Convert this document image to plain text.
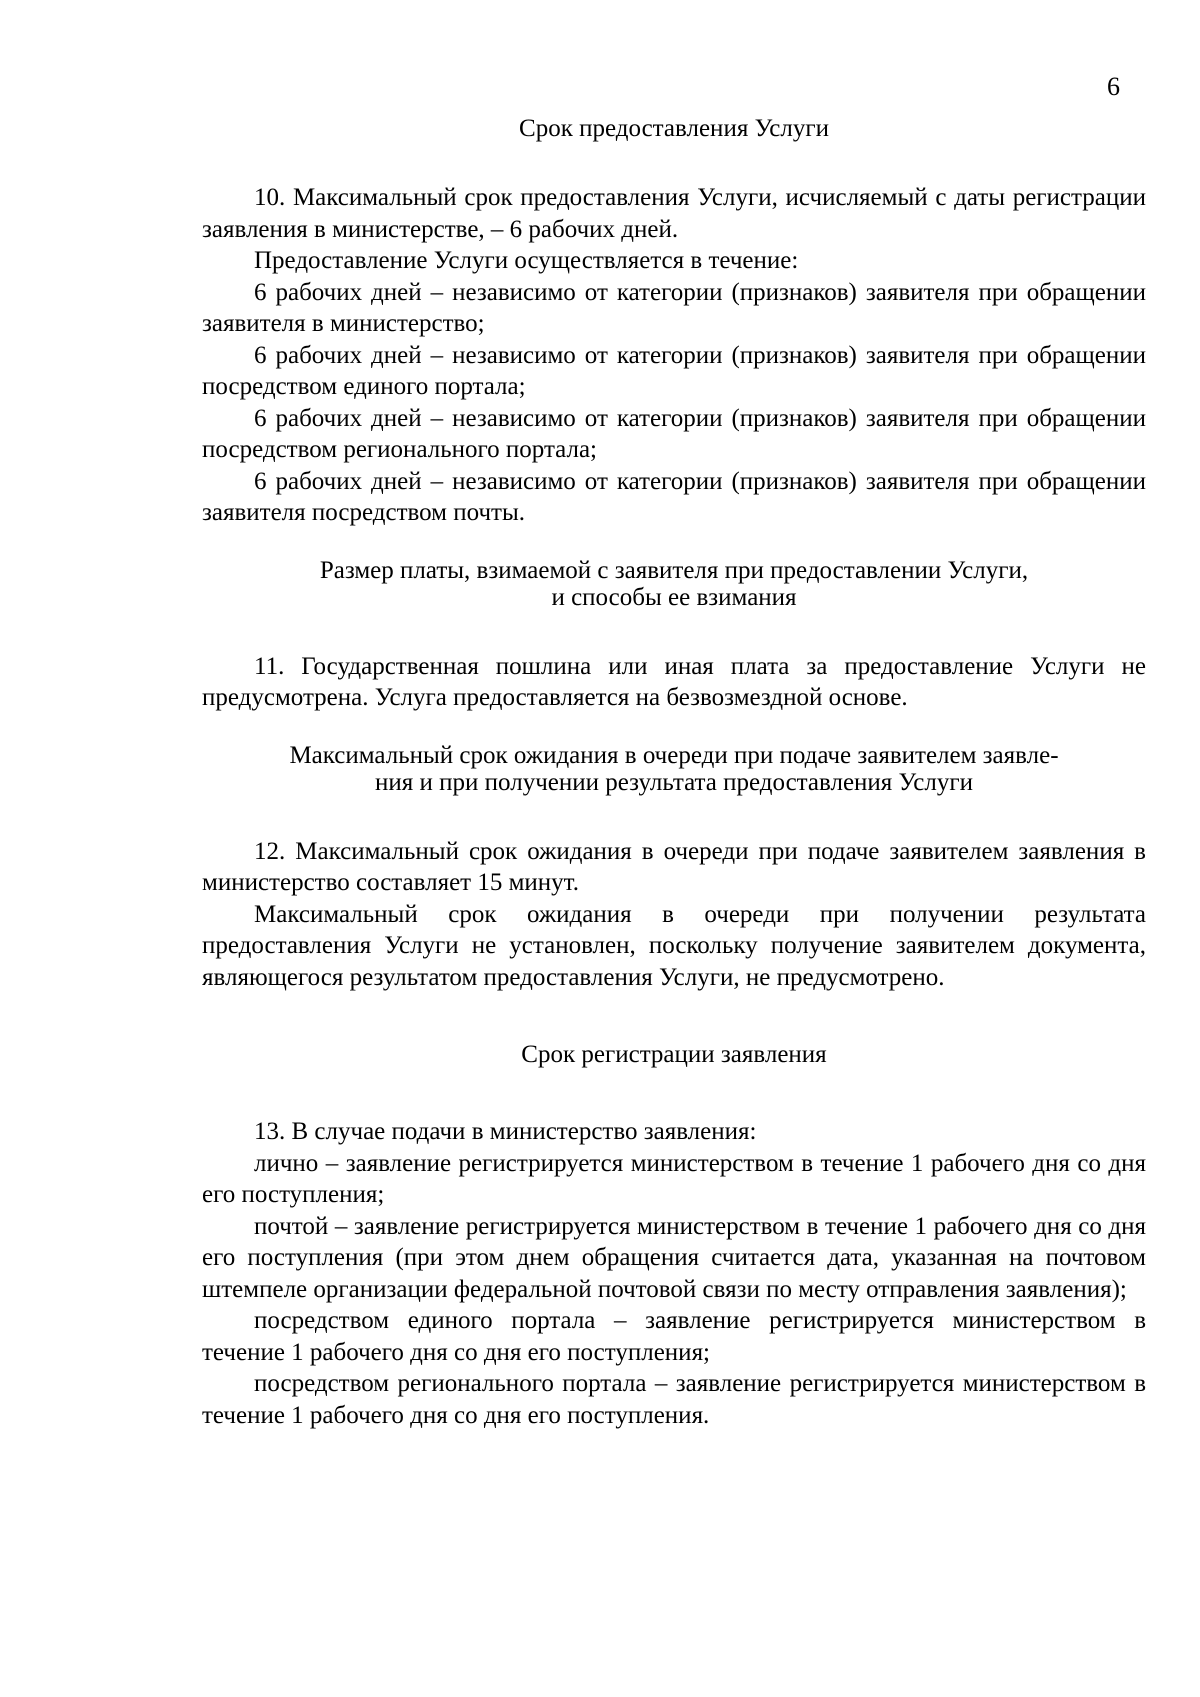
6
Срок предоставления Услуги

10. Максимальный срок предоставления Услуги, исчисляемый с даты регистрации заявления в министерстве, – 6 рабочих дней.

Предоставление Услуги осуществляется в течение:

6 рабочих дней – независимо от категории (признаков) заявителя при обращении заявителя в министерство;

6 рабочих дней – независимо от категории (признаков) заявителя при обращении посредством единого портала;

6 рабочих дней – независимо от категории (признаков) заявителя при обращении посредством регионального портала;

6 рабочих дней – независимо от категории (признаков) заявителя при обращении заявителя посредством почты.

Размер платы, взимаемой с заявителя при предоставлении Услуги,
и способы ее взимания

11. Государственная пошлина или иная плата за предоставление Услуги не предусмотрена. Услуга предоставляется на безвозмездной основе.

Максимальный срок ожидания в очереди при подаче заявителем заявле-
ния и при получении результата предоставления Услуги

12. Максимальный срок ожидания в очереди при подаче заявителем заявления в министерство составляет 15 минут.

Максимальный срок ожидания в очереди при получении результата предоставления Услуги не установлен, поскольку получение заявителем документа, являющегося результатом предоставления Услуги, не предусмотрено.

Срок регистрации заявления

13. В случае подачи в министерство заявления:

лично – заявление регистрируется министерством в течение 1 рабочего дня со дня его поступления;

почтой – заявление регистрируется министерством в течение 1 рабочего дня со дня его поступления (при этом днем обращения считается дата, указанная на почтовом штемпеле организации федеральной почтовой связи по месту отправления заявления);

посредством единого портала – заявление регистрируется министерством в течение 1 рабочего дня со дня его поступления;

посредством регионального портала – заявление регистрируется министерством в течение 1 рабочего дня со дня его поступления.
